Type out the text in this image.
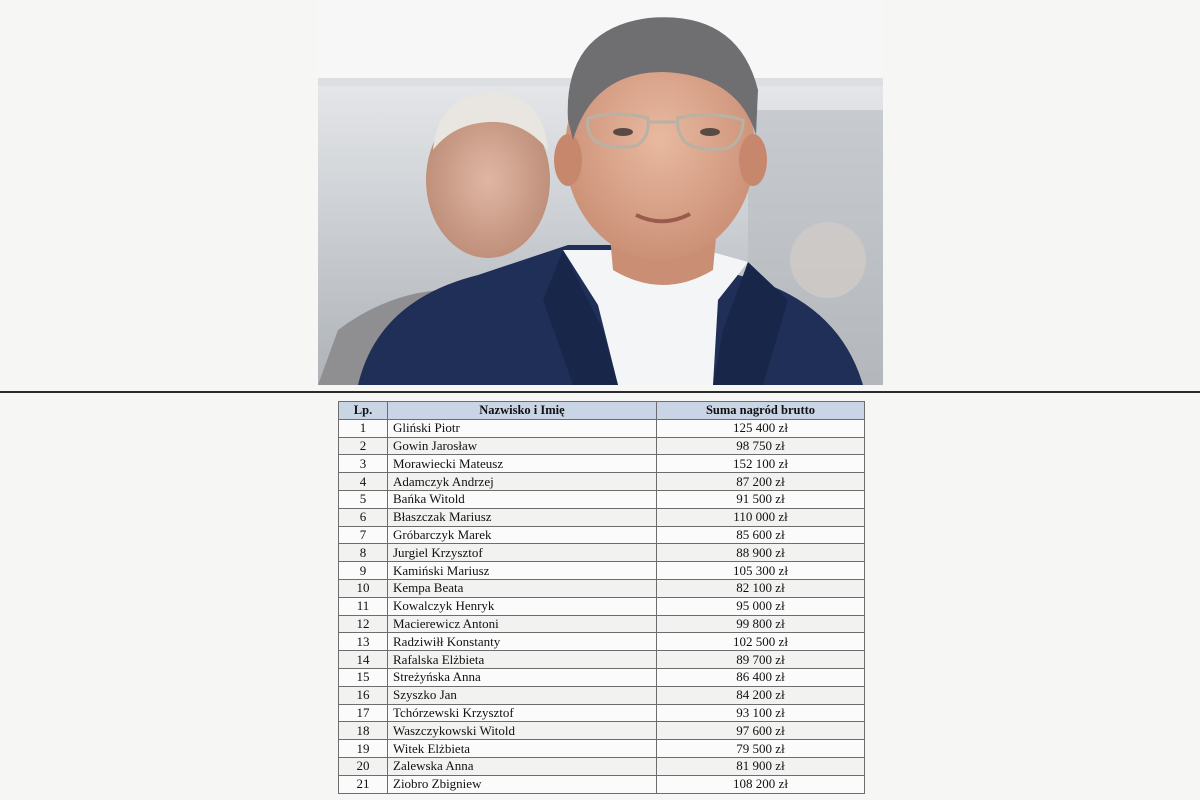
Lp.	Nazwisko i Imię	Suma nagród brutto
1	Gliński Piotr	125 400 zł
2	Gowin Jarosław	98 750 zł
3	Morawiecki Mateusz	152 100 zł
4	Adamczyk Andrzej	87 200 zł
5	Bańka Witold	91 500 zł
6	Błaszczak Mariusz	110 000 zł
7	Gróbarczyk Marek	85 600 zł
8	Jurgiel Krzysztof	88 900 zł
9	Kamiński Mariusz	105 300 zł
10	Kempa Beata	82 100 zł
11	Kowalczyk Henryk	95 000 zł
12	Macierewicz Antoni	99 800 zł
13	Radziwiłł Konstanty	102 500 zł
14	Rafalska Elżbieta	89 700 zł
15	Streżyńska Anna	86 400 zł
16	Szyszko Jan	84 200 zł
17	Tchórzewski Krzysztof	93 100 zł
18	Waszczykowski Witold	97 600 zł
19	Witek Elżbieta	79 500 zł
20	Zalewska Anna	81 900 zł
21	Ziobro Zbigniew	108 200 zł
